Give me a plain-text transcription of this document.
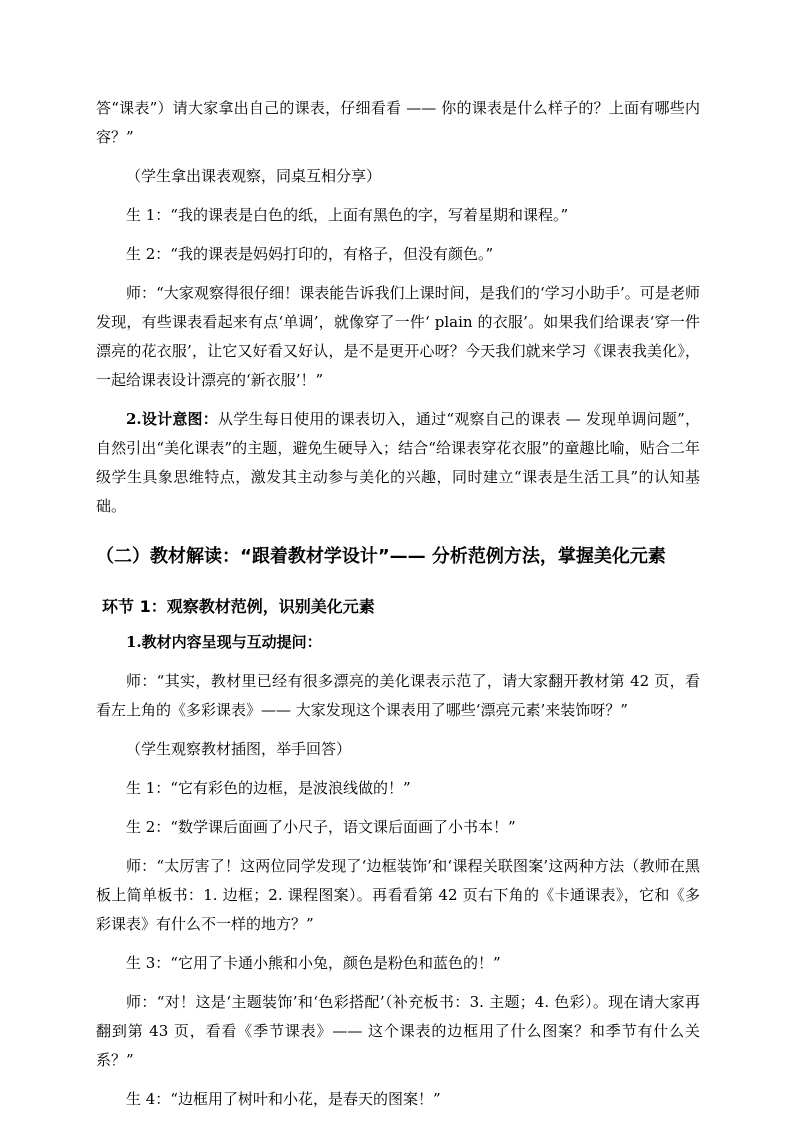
答“课表”）请大家拿出自己的课表，仔细看看 —— 你的课表是什么样子的？上面有哪些内容？”

（学生拿出课表观察，同桌互相分享）

生 1：“我的课表是白色的纸，上面有黑色的字，写着星期和课程。”

生 2：“我的课表是妈妈打印的，有格子，但没有颜色。”

师：“大家观察得很仔细！课表能告诉我们上课时间，是我们的‘学习小助手’。可是老师发现，有些课表看起来有点‘单调’，就像穿了一件‘ plain 的衣服’。如果我们给课表‘穿一件漂亮的花衣服’，让它又好看又好认，是不是更开心呀？今天我们就来学习《课表我美化》，一起给课表设计漂亮的‘新衣服’！”

2.设计意图：从学生每日使用的课表切入，通过“观察自己的课表 — 发现单调问题”，自然引出“美化课表”的主题，避免生硬导入；结合“给课表穿花衣服”的童趣比喻，贴合二年级学生具象思维特点，激发其主动参与美化的兴趣，同时建立“课表是生活工具”的认知基础。

（二）教材解读：“跟着教材学设计”—— 分析范例方法，掌握美化元素
环节 1：观察教材范例，识别美化元素

1.教材内容呈现与互动提问：

师：“其实，教材里已经有很多漂亮的美化课表示范了，请大家翻开教材第 42 页，看看左上角的《多彩课表》—— 大家发现这个课表用了哪些‘漂亮元素’来装饰呀？”

（学生观察教材插图，举手回答）

生 1：“它有彩色的边框，是波浪线做的！”

生 2：“数学课后面画了小尺子，语文课后面画了小书本！”

师：“太厉害了！这两位同学发现了‘边框装饰’和‘课程关联图案’这两种方法（教师在黑板上简单板书：1. 边框；2. 课程图案）。再看看第 42 页右下角的《卡通课表》，它和《多彩课表》有什么不一样的地方？”

生 3：“它用了卡通小熊和小兔，颜色是粉色和蓝色的！”

师：“对！这是‘主题装饰’和‘色彩搭配’（补充板书：3. 主题；4. 色彩）。现在请大家再翻到第 43 页，看看《季节课表》—— 这个课表的边框用了什么图案？和季节有什么关系？”

生 4：“边框用了树叶和小花，是春天的图案！”
